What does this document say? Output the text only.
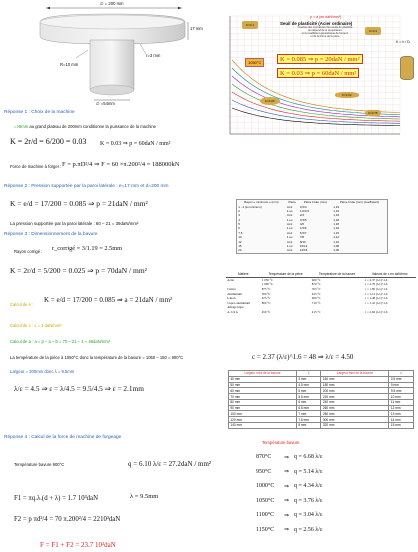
∅ = 200 mm
∅ =54mm
r=3 mm
R=10 mm
17 mm
p = a (en daN/mm²)
Seuil de plasticité (Acier ordinaire)
Courbes des contraintes des seuils de plasticité
qui dépend de la température
et du coefficient géométrique de forme K
et de la forme de la pièce
1050°C	K = 0.085 ⇒ p = 20daN / mm²
K = 0.03 ⇒ p = 60daN / mm²
K=0.1
K=0.3
K=0.25
K=0.02
K=0.75
K = h / D
Réponse 1 : Choix de la machine
=>5mm au grand plateau de 200mm conditionne la puissance de la machine
K = 2r/d = 6/200 = 0.03 K = 0.03 ⇒ p = 60daN / mm²
Force de machine à forger : F = p.πD²/4 ⇒ F = 60 ×π.200²/4 = 188000kN
Réponse 2 : Pression supportée par la paroi latérale : e=17 mm et d=200 mm
K = e/d = 17/200 = 0.085 ⇒ p = 21daN / mm²
La pression supportée par la paroi latérale : 60 – 21 = 39daN/mm²
Rayon « minimum » (mm)	Pièce	Pièce brute (mm)	Pièce brute (mm) (coefficient)
1 - 2 (à minimum)	mini	0,5/4	1,19
2	1 ex.	1,0/3,5	1,19
3	mini	2/4	1,19
4	1 ex.	3,5/5	1,18
5	mini	4/6	1,18
6	1 ex.	4,5/6	1,16
7,5	mini	5,5/7	1,15
10	1 ex.	7/8	1,12
12	mini	8/10	1,10
15	1 ex.	10/12	1,08
20	mini	12/15	1,06
Réponse 3 : Dimensionnement de la bavure
Rayon corrigé : r_corrigé = 3/1.19 = 2.5mm
K = 2r/d = 5/200 = 0.025 ⇒ p = 70daN / mm²
Calcul de e :
K = e/d = 17/200 = 0.085 ⇒ a = 21daN / mm²
Calcul de c : c = 1 daN/mm²
Calcul de a : a = p – a – b = 70 – 21 – 1 = 48daN/mm²
La température de la pièce à 1050°C donc la température de la bavure = 1050 – 150 = 900°C	c = 2.37 (λ/ε)^1.6 = 48 ⇒ λ/ε = 4.50
Largeur = 200mm donc λ = 9.5mm
λ/ε = 4.5 ⇒ ε = λ/4.5 = 9.5/4.5 ⇒ ε = 2.1mm
Matière	Température de la pièce	Température de la bavure	Valeurs de c en daN/mm²
Acier	1 050 °C	900 °C	c = 2,37 (λ/ε)^1,6
	1 000 °C	870 °C	c = 2,70 (λ/ε)^1,6
Cuivre	875 °C	765 °C	c = 1,85 (λ/ε)^1,6
Aluminium	500 °C	425 °C	c = 1,12 (λ/ε)^1,6
Laiton	675 °C	600 °C	c = 1,48 (λ/ε)^1,6
Cupro-aluminium	800 °C	710 °C	c = 1,41 (λ/ε)^1,6
Alliage léger			
A. U4 G	450 °C	415 °C	c = 2,82 (λ/ε)^1,6
Largeur mini de la bavure	λ	Largeur mini de la bavure	ε
40 mm	4 mm	160 mm	0.5 mm
50 mm	4.5 mm	180 mm	9 mm
60 mm	5 mm	200 mm	9.5 mm
70 mm	5.5 mm	220 mm	10 mm
80 mm	6 mm	240 mm	11 mm
90 mm	6.5 mm	260 mm	12 mm
100 mm	7 mm	280 mm	13 mm
120 mm	7.5 mm	300 mm	14 mm
140 mm	8 mm	320 mm	15 mm
Réponse 4 : Calcul de la force de machine de forgeage
Température bavure 900°C	q = 6.10 λ/ε = 27.2daN / mm²
λ = 9.5mm
F1 = πq.λ.(d + λ) = 1.7 10³daN
F2 = p πd²/4 = 70 π.200²/4 = 2210³daN
F = F1 + F2 = 23.7 10³daN
Température bavure
870°C	⇒ q = 6.68 λ/ε
950°C	⇒ q = 5.14 λ/ε
1000°C	⇒ q = 4.34 λ/ε
1050°C	⇒ q = 3.76 λ/ε
1100°C	⇒ q = 3.04 λ/ε
1150°C	⇒ q = 2.56 λ/ε
